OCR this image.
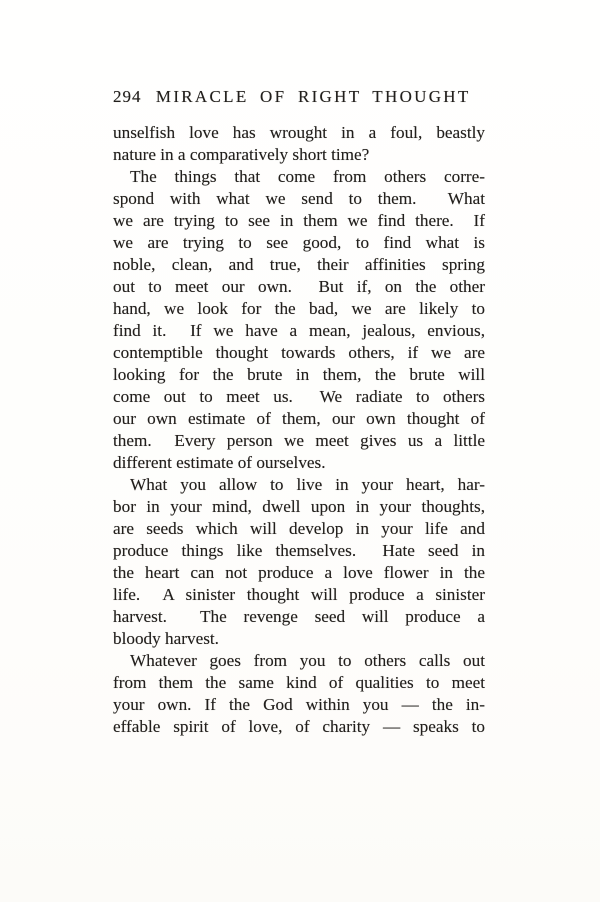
294 MIRACLE OF RIGHT THOUGHT
unselfish love has wrought in a foul, beastly
nature in a comparatively short time?
The things that come from others corre-
spond with what we send to them.  What
we are trying to see in them we find there.  If
we are trying to see good, to find what is
noble, clean, and true, their affinities spring
out to meet our own.  But if, on the other
hand, we look for the bad, we are likely to
find it.  If we have a mean, jealous, envious,
contemptible thought towards others, if we are
looking for the brute in them, the brute will
come out to meet us.  We radiate to others
our own estimate of them, our own thought of
them.  Every person we meet gives us a little
different estimate of ourselves.
What you allow to live in your heart, har-
bor in your mind, dwell upon in your thoughts,
are seeds which will develop in your life and
produce things like themselves.  Hate seed in
the heart can not produce a love flower in the
life.  A sinister thought will produce a sinister
harvest.  The revenge seed will produce a
bloody harvest.
Whatever goes from you to others calls out
from them the same kind of qualities to meet
your own. If the God within you — the in-
effable spirit of love, of charity — speaks to
